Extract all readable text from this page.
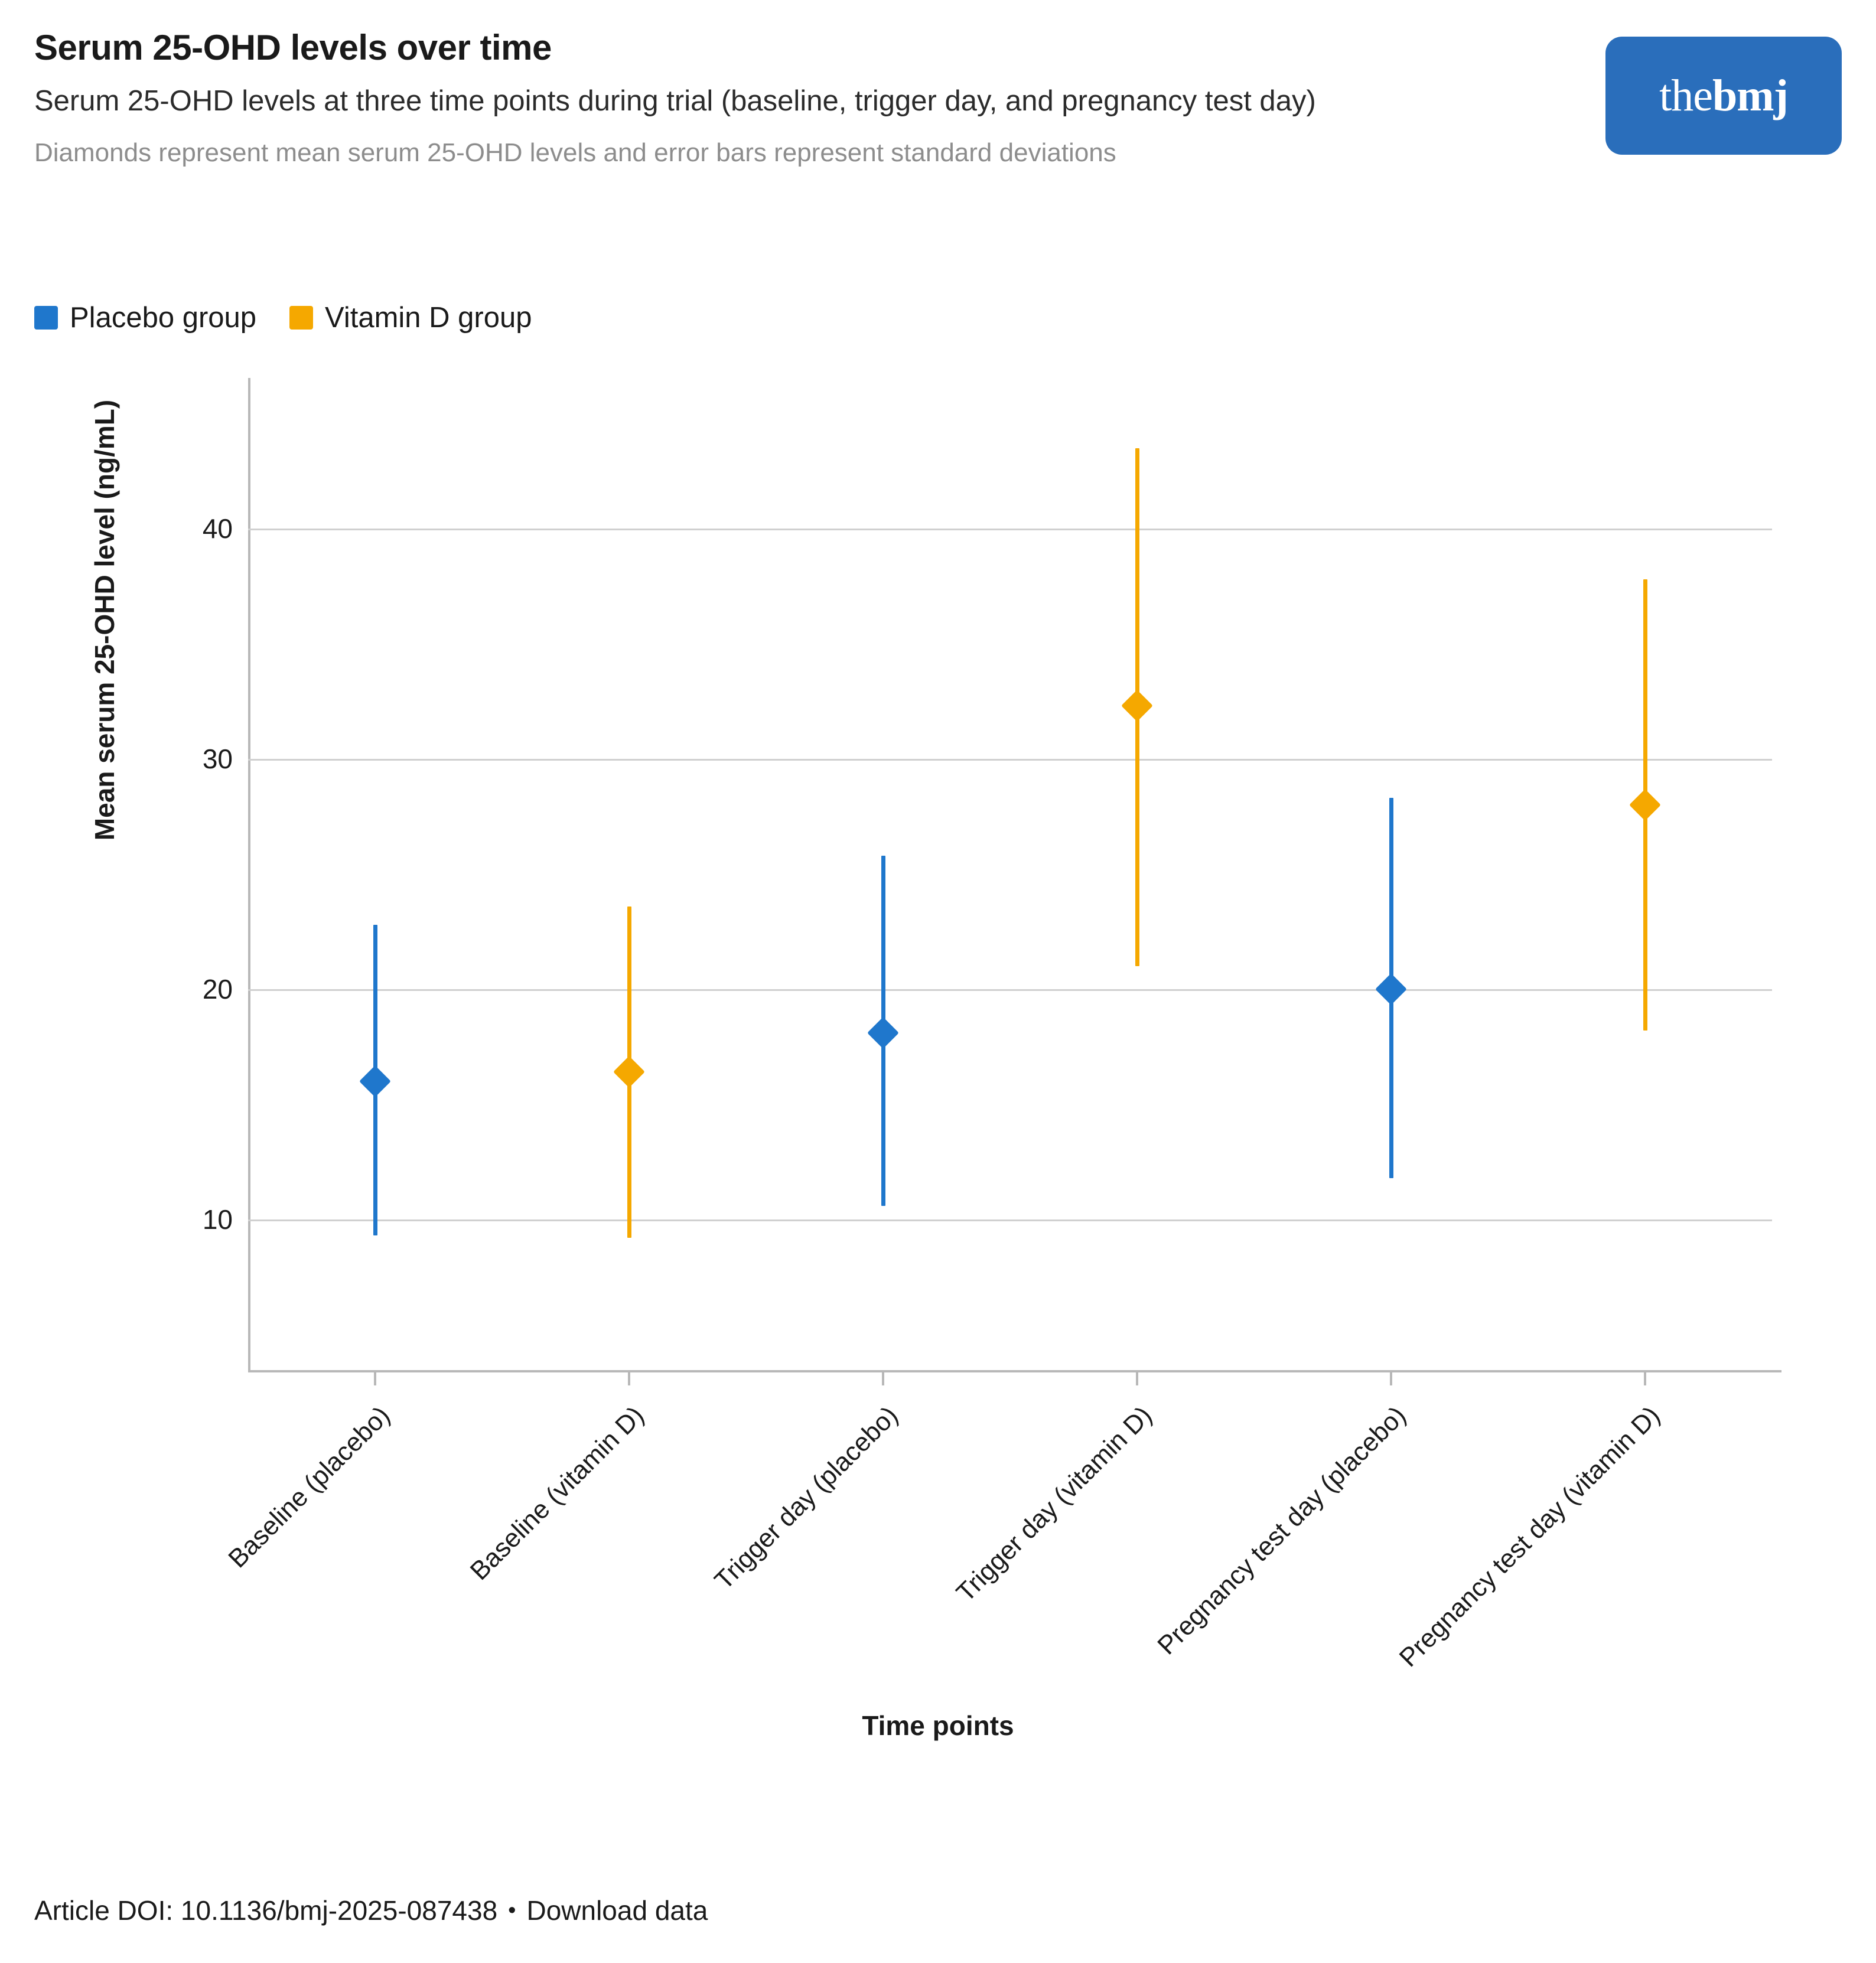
Serum 25-OHD levels over time

Serum 25-OHD levels at three time points during trial (baseline, trigger day, and pregnancy test day)

Diamonds represent mean serum 25-OHD levels and error bars represent standard deviations

thebmj
Placebo group Vitamin D group
Mean serum 25-OHD level (ng/mL)
10
20
30
40
Baseline (placebo)	Baseline (vitamin D) Trigger day (placebo) Trigger day (vitamin D)
Pregnancy test day (placebo)
Pregnancy test day (vitamin D)
Time points
Article DOI: 10.1136/bmj-2025-087438 • Download data
